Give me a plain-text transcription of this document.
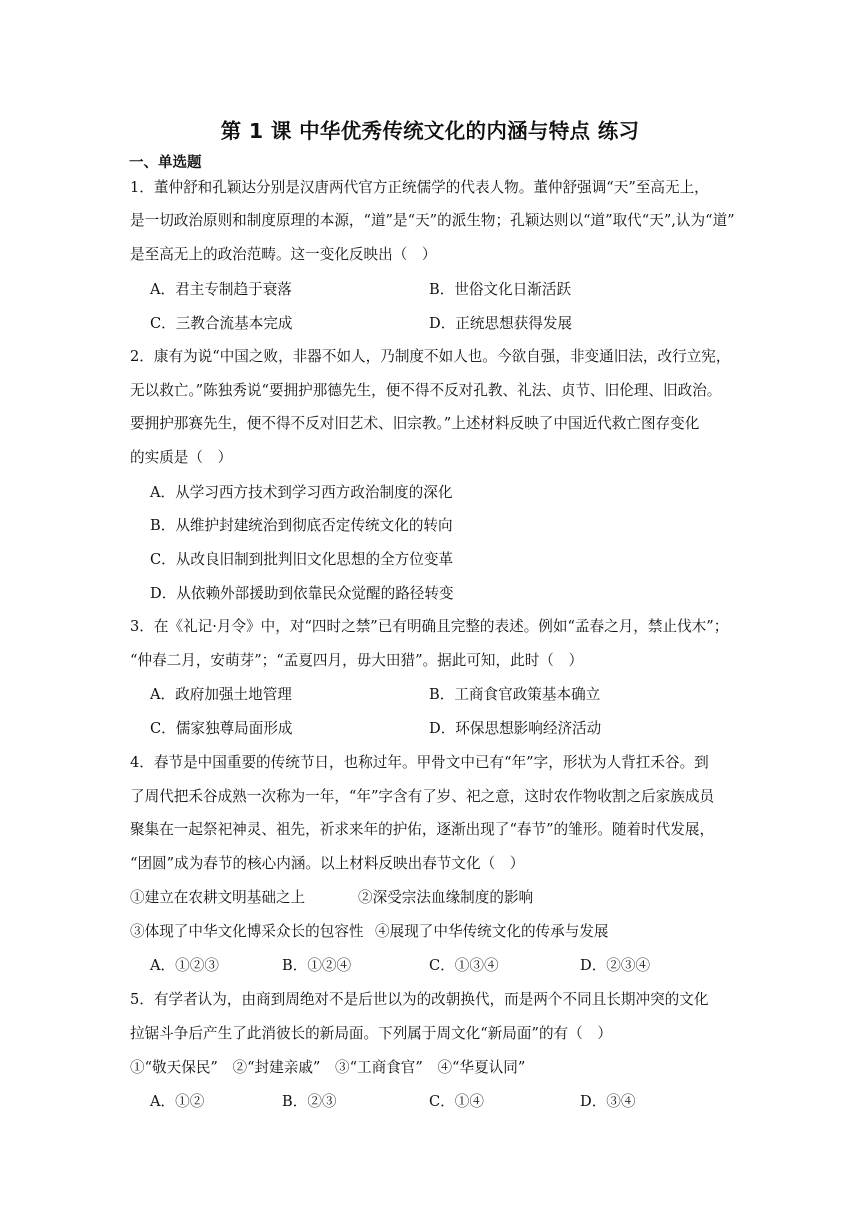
第 1 课 中华优秀传统文化的内涵与特点 练习
一、单选题
1．董仲舒和孔颖达分别是汉唐两代官方正统儒学的代表人物。董仲舒强调“天”至高无上，
是一切政治原则和制度原理的本源，“道”是“天”的派生物；孔颖达则以“道”取代“天”,认为“道”
是至高无上的政治范畴。这一变化反映出（　）
A．君主专制趋于衰落	B．世俗文化日渐活跃
C．三教合流基本完成	D．正统思想获得发展
2．康有为说“中国之败，非器不如人，乃制度不如人也。今欲自强，非变通旧法，改行立宪，
无以救亡。”陈独秀说“要拥护那德先生，便不得不反对孔教、礼法、贞节、旧伦理、旧政治。
要拥护那赛先生，便不得不反对旧艺术、旧宗教。”上述材料反映了中国近代救亡图存变化
的实质是（　）
A．从学习西方技术到学习西方政治制度的深化
B．从维护封建统治到彻底否定传统文化的转向
C．从改良旧制到批判旧文化思想的全方位变革
D．从依赖外部援助到依靠民众觉醒的路径转变
3．在《礼记·月令》中，对“四时之禁”已有明确且完整的表述。例如“孟春之月，禁止伐木”；
“仲春二月，安萌芽”；“孟夏四月，毋大田猎”。据此可知，此时（　）
A．政府加强土地管理	B．工商食官政策基本确立
C．儒家独尊局面形成	D．环保思想影响经济活动
4．春节是中国重要的传统节日，也称过年。甲骨文中已有“年”字，形状为人背扛禾谷。到
了周代把禾谷成熟一次称为一年，“年”字含有了岁、祀之意，这时农作物收割之后家族成员
聚集在一起祭祀神灵、祖先，祈求来年的护佑，逐渐出现了“春节”的雏形。随着时代发展，
“团圆”成为春节的核心内涵。以上材料反映出春节文化（　）
①建立在农耕文明基础之上	②深受宗法血缘制度的影响
③体现了中华文化博采众长的包容性 ④展现了中华传统文化的传承与发展
A．①②③	B．①②④	C．①③④	D．②③④
5．有学者认为，由商到周绝对不是后世以为的改朝换代，而是两个不同且长期冲突的文化
拉锯斗争后产生了此消彼长的新局面。下列属于周文化“新局面”的有（　）
①“敬天保民”　②“封建亲戚”　③“工商食官”　④“华夏认同”
A．①②	B．②③	C．①④	D．③④
